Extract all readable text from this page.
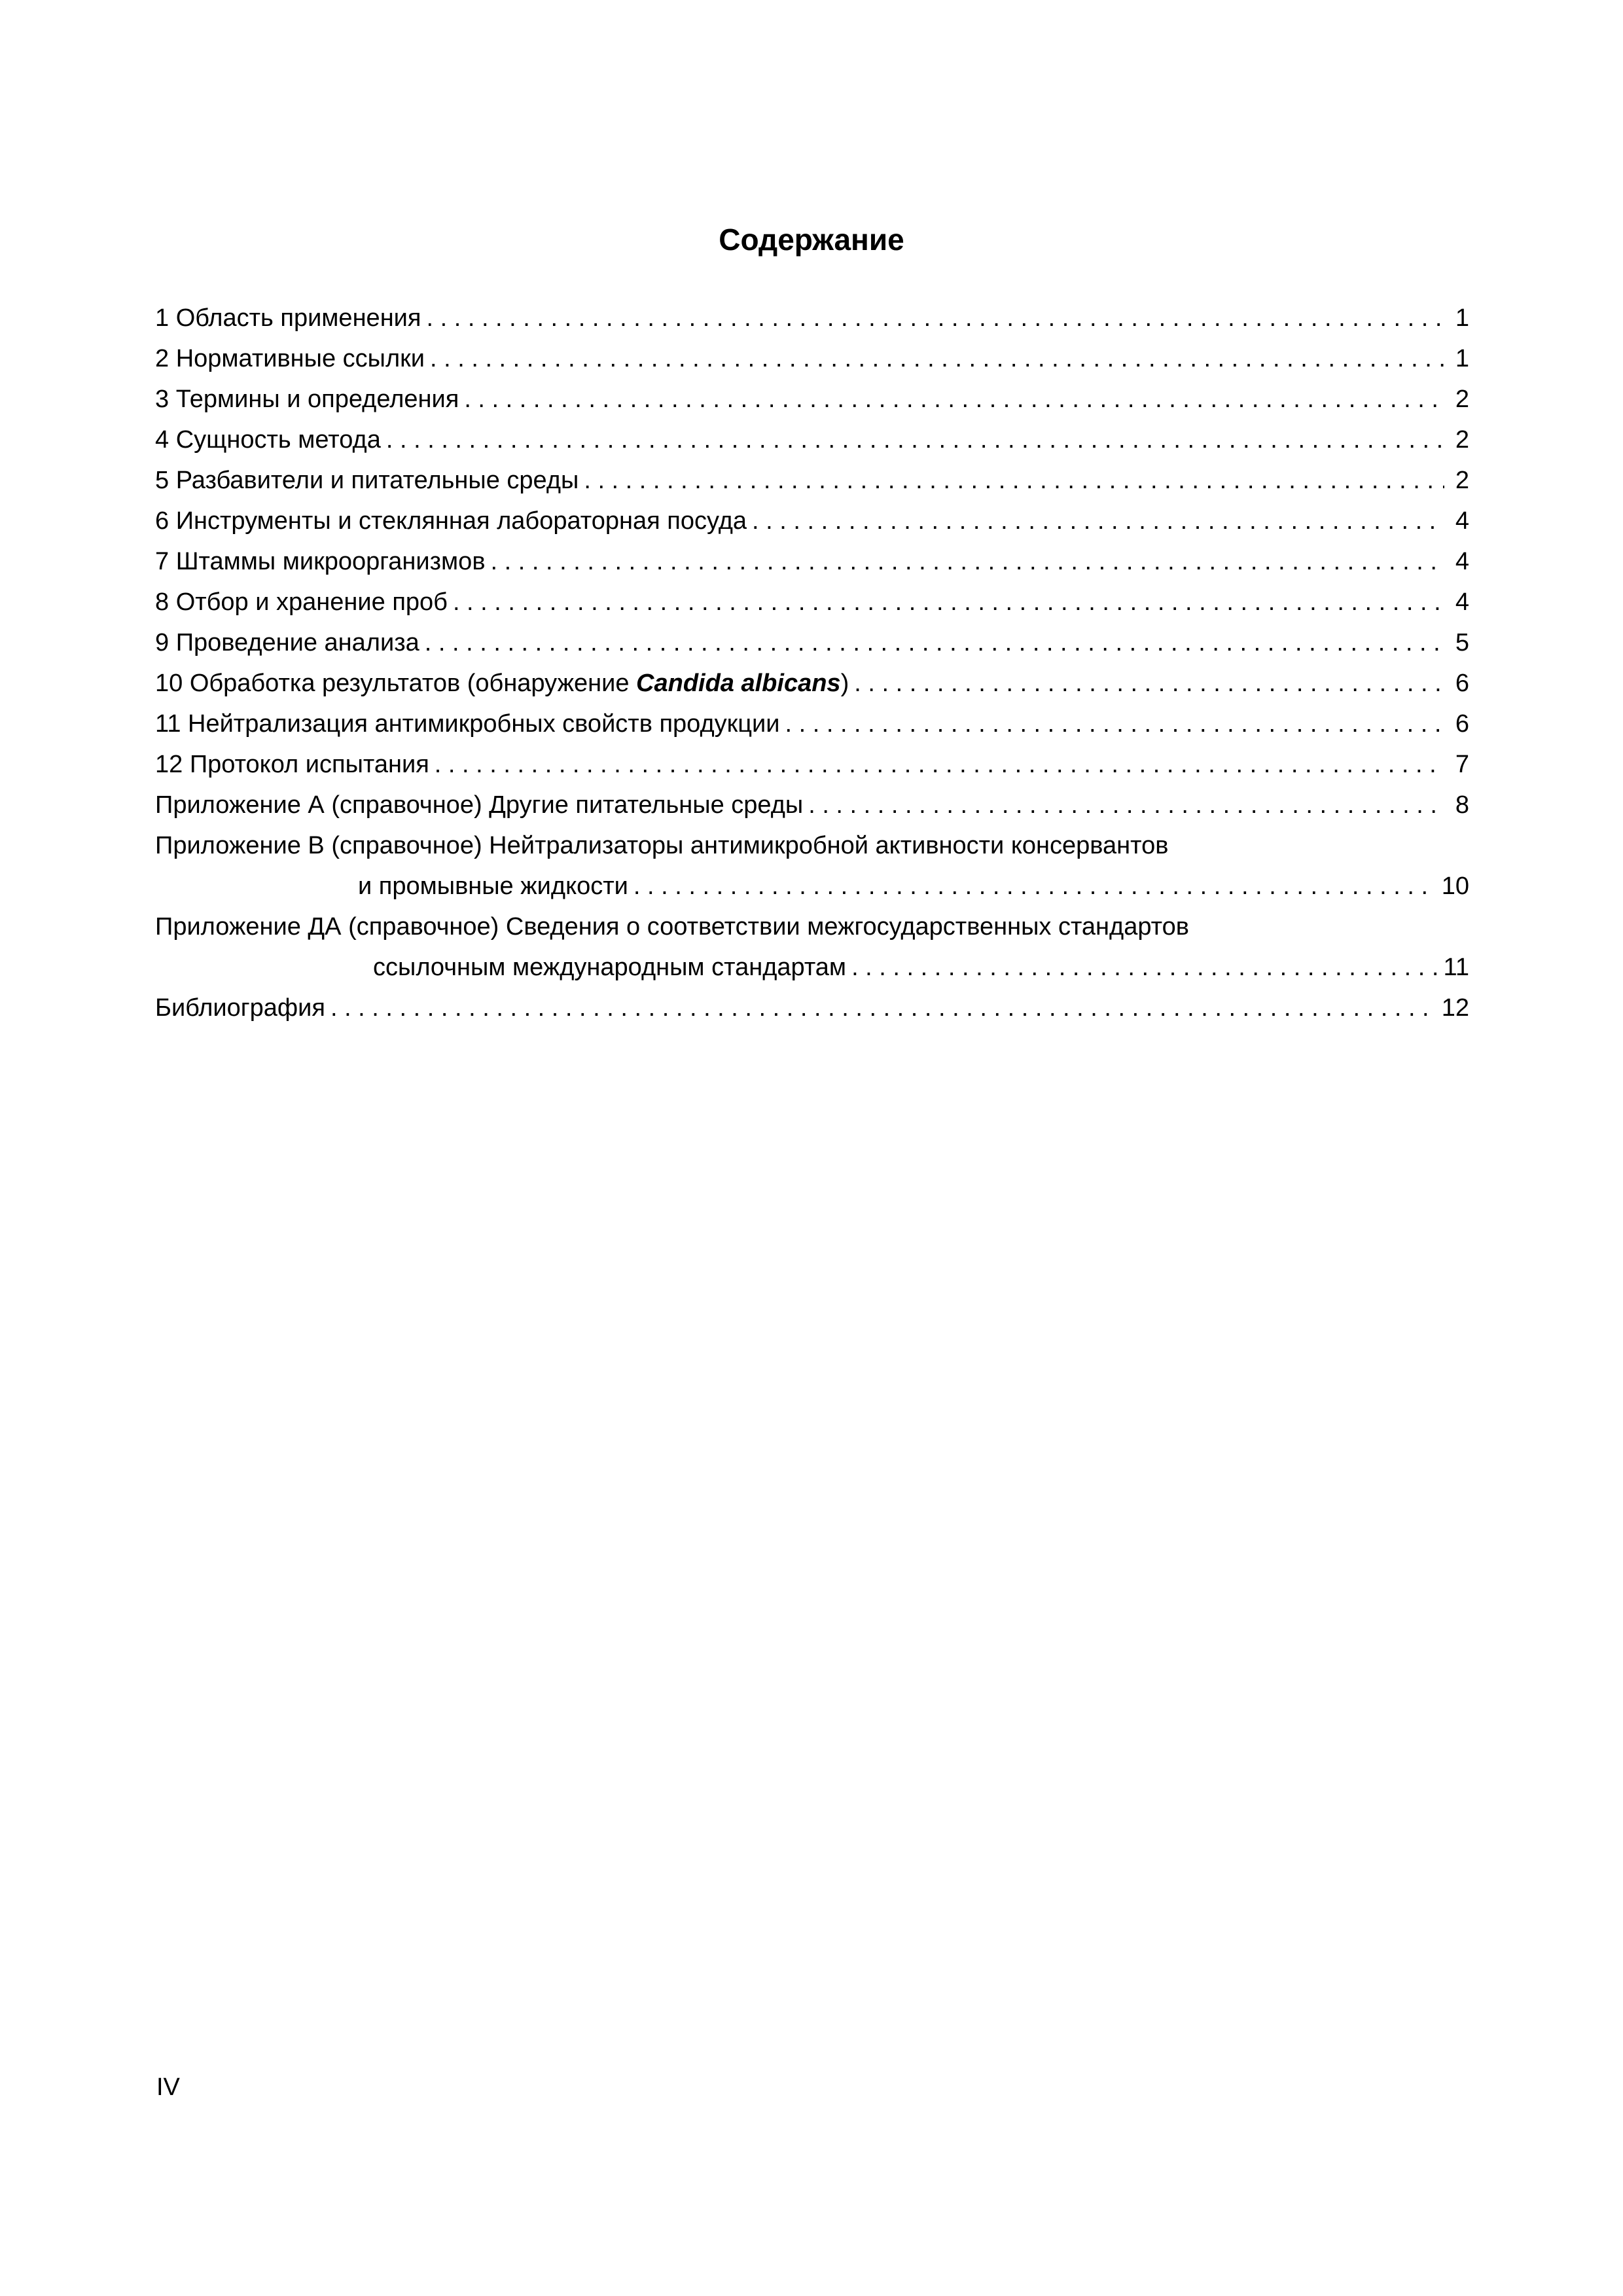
Содержание
1 Область применения . . .	1
2 Нормативные ссылки . . .	1
3 Термины и определения . . .	2
4 Сущность метода . . .	2
5 Разбавители и питательные среды . . .	2
6 Инструменты и стеклянная лабораторная посуда . . .	4
7 Штаммы микроорганизмов . . .	4
8 Отбор и хранение проб . . .	4
9 Проведение анализа . . .	5
10 Обработка результатов (обнаружение Candida albicans) . . .	6
11 Нейтрализация антимикробных свойств продукции . . .	6
12 Протокол испытания . . .	7
Приложение А (справочное) Другие питательные среды . . .	8
Приложение В (справочное) Нейтрализаторы антимикробной активности консервантов
и промывные жидкости . . .	10
Приложение ДА (справочное) Сведения о соответствии межгосударственных стандартов
ссылочным международным стандартам . . .	11
Библиография . . .	12
IV
